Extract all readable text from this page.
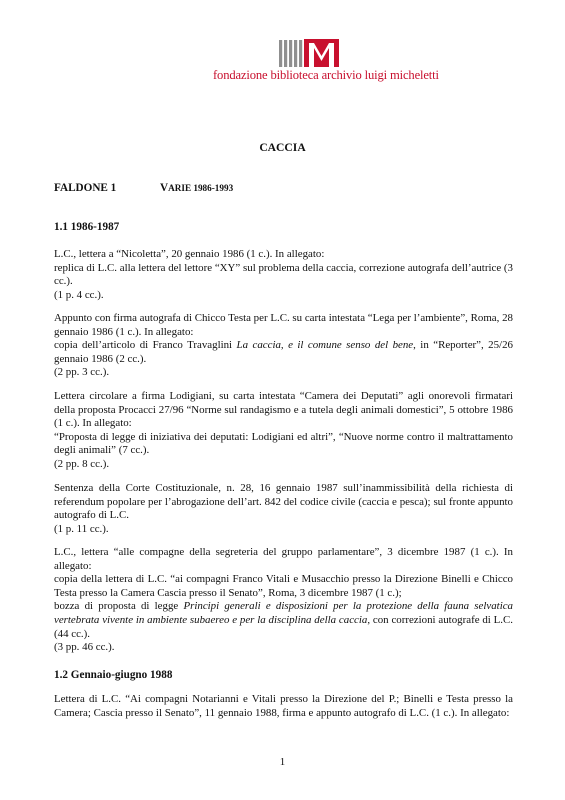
fondazione biblioteca archivio luigi micheletti
CACCIA
FALDONE 1	VARIE 1986-1993
1.1 1986-1987
L.C., lettera a “Nicoletta”, 20 gennaio 1986 (1 c.). In allegato:
replica di L.C. alla lettera del lettore “XY” sul problema della caccia, correzione autografa dell’autrice (3 cc.).
(1 p. 4 cc.).
Appunto con firma autografa di Chicco Testa per L.C. su carta intestata “Lega per l’ambiente”, Roma, 28 gennaio 1986 (1 c.). In allegato:
copia dell’articolo di Franco Travaglini La caccia, e il comune senso del bene, in “Reporter”, 25/26 gennaio 1986 (2 cc.).
(2 pp. 3 cc.).
Lettera circolare a firma Lodigiani, su carta intestata “Camera dei Deputati” agli onorevoli firmatari della proposta Procacci 27/96 “Norme sul randagismo e a tutela degli animali domestici”, 5 ottobre 1986 (1 c.). In allegato:
“Proposta di legge di iniziativa dei deputati: Lodigiani ed altri”, “Nuove norme contro il maltrattamento degli animali” (7 cc.).
(2 pp. 8 cc.).
Sentenza della Corte Costituzionale, n. 28, 16 gennaio 1987 sull’inammissibilità della richiesta di referendum popolare per l’abrogazione dell’art. 842 del codice civile (caccia e pesca); sul fronte appunto autografo di L.C.
(1 p. 11 cc.).
L.C., lettera “alle compagne della segreteria del gruppo parlamentare”, 3 dicembre 1987 (1 c.). In allegato:
copia della lettera di L.C. “ai compagni Franco Vitali e Musacchio presso la Direzione Binelli e Chicco Testa presso la Camera Cascia presso il Senato”, Roma, 3 dicembre 1987 (1 c.);
bozza di proposta di legge Principi generali e disposizioni per la protezione della fauna selvatica vertebrata vivente in ambiente subaereo e per la disciplina della caccia, con correzioni autografe di L.C. (44 cc.).
(3 pp. 46 cc.).
1.2 Gennaio-giugno 1988
Lettera di L.C. “Ai compagni Notarianni e Vitali presso la Direzione del P.; Binelli e Testa presso la Camera; Cascia presso il Senato”, 11 gennaio 1988, firma e appunto autografo di L.C. (1 c.). In allegato:
1
